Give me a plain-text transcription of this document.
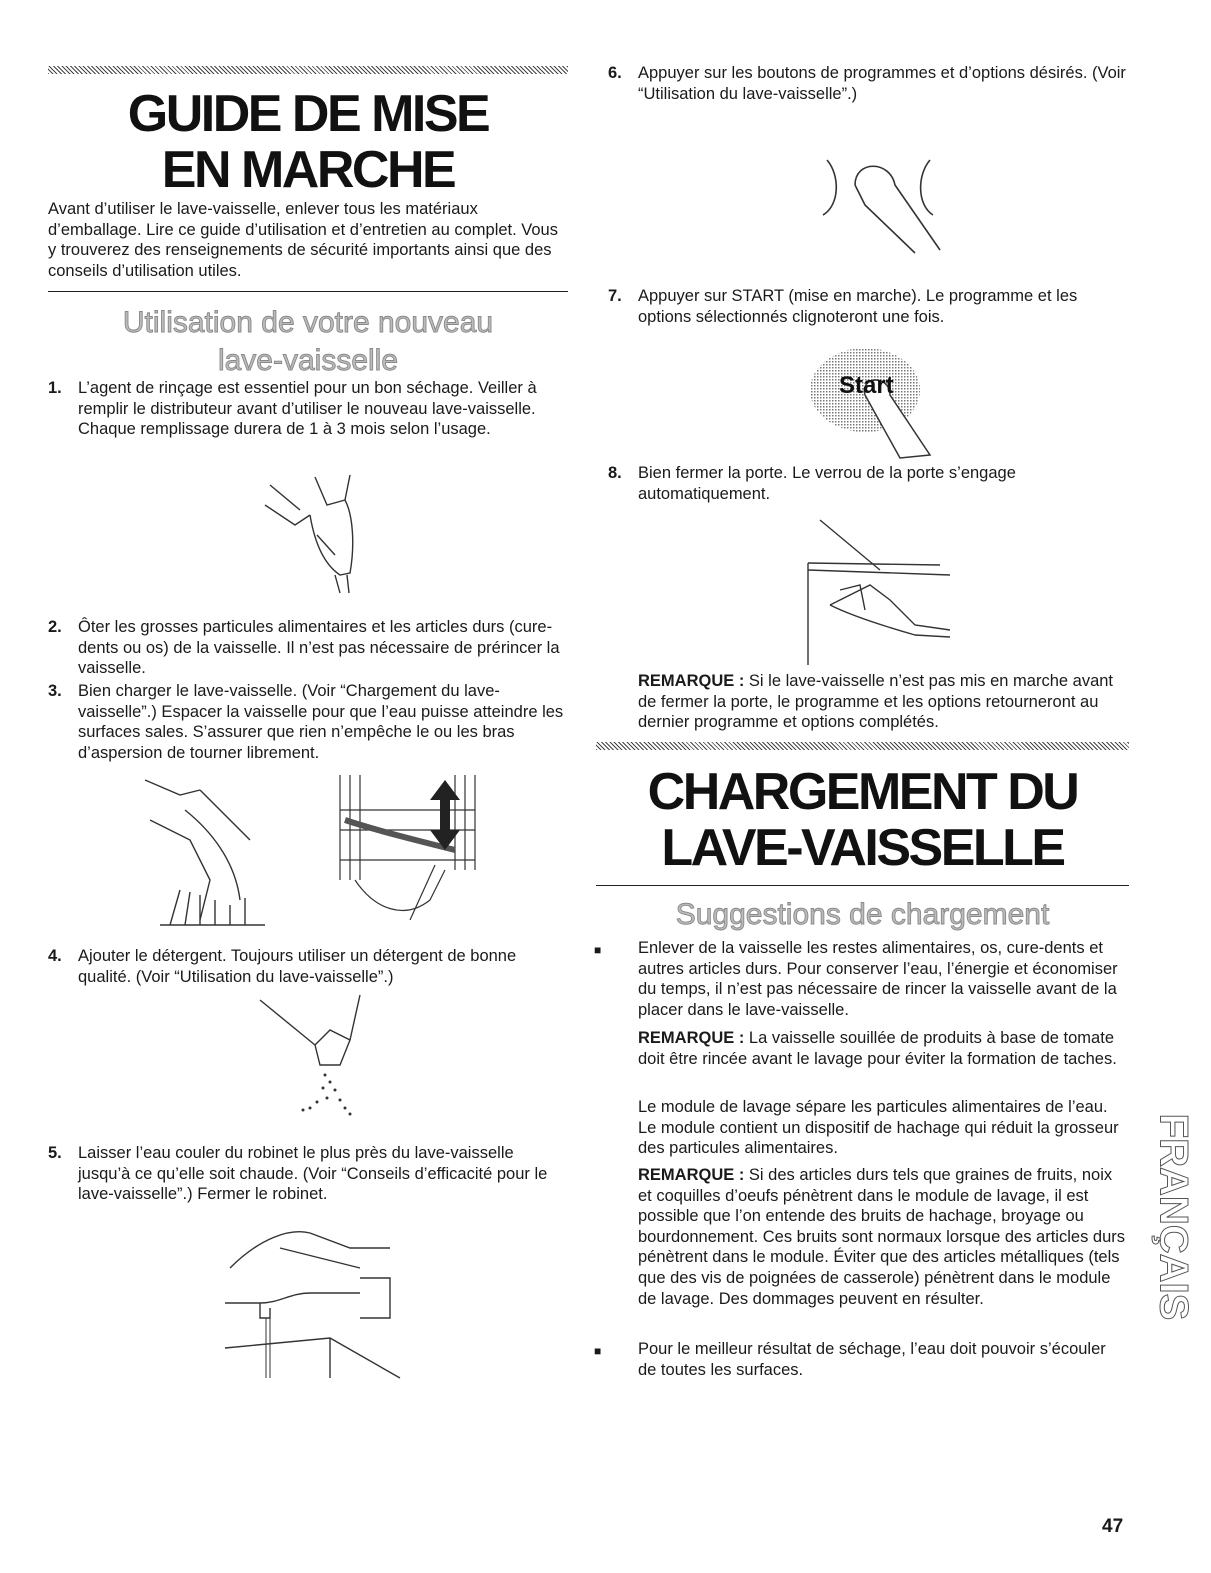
GUIDE DE MISE
EN MARCHE

Avant d’utiliser le lave-vaisselle, enlever tous les matériaux d’emballage. Lire ce guide d’utilisation et d’entretien au complet. Vous y trouverez des renseignements de sécurité importants ainsi que des conseils d’utilisation utiles.

Utilisation de votre nouveau
lave-vaisselle
1. L’agent de rinçage est essentiel pour un bon séchage. Veiller à remplir le distributeur avant d’utiliser le nouveau lave-vaisselle. Chaque remplissage durera de 1 à 3 mois selon l’usage.
2. Ôter les grosses particules alimentaires et les articles durs (cure-dents ou os) de la vaisselle. Il n’est pas nécessaire de prérincer la vaisselle.
3. Bien charger le lave-vaisselle. (Voir “Chargement du lave-vaisselle”.) Espacer la vaisselle pour que l’eau puisse atteindre les surfaces sales. S’assurer que rien n’empêche le ou les bras d’aspersion de tourner librement.
4. Ajouter le détergent. Toujours utiliser un détergent de bonne qualité. (Voir “Utilisation du lave-vaisselle”.)
5. Laisser l’eau couler du robinet le plus près du lave-vaisselle jusqu’à ce qu’elle soit chaude. (Voir “Conseils d’efficacité pour le lave-vaisselle”.) Fermer le robinet.
6. Appuyer sur les boutons de programmes et d’options désirés. (Voir “Utilisation du lave-vaisselle”.)
7. Appuyer sur START (mise en marche). Le programme et les options sélectionnés clignoteront une fois.
Start
8. Bien fermer la porte. Le verrou de la porte s’engage automatiquement.

REMARQUE : Si le lave-vaisselle n’est pas mis en marche avant de fermer la porte, le programme et les options retourneront au dernier programme et options complétés.

CHARGEMENT DU
LAVE-VAISSELLE
Suggestions de chargement
■ Enlever de la vaisselle les restes alimentaires, os, cure-dents et autres articles durs. Pour conserver l’eau, l’énergie et économiser du temps, il n’est pas nécessaire de rincer la vaisselle avant de la placer dans le lave-vaisselle.

REMARQUE : La vaisselle souillée de produits à base de tomate doit être rincée avant le lavage pour éviter la formation de taches.

Le module de lavage sépare les particules alimentaires de l’eau. Le module contient un dispositif de hachage qui réduit la grosseur des particules alimentaires.

REMARQUE : Si des articles durs tels que graines de fruits, noix et coquilles d’oeufs pénètrent dans le module de lavage, il est possible que l’on entende des bruits de hachage, broyage ou bourdonnement. Ces bruits sont normaux lorsque des articles durs pénètrent dans le module. Éviter que des articles métalliques (tels que des vis de poignées de casserole) pénètrent dans le module de lavage. Des dommages peuvent en résulter.

■ Pour le meilleur résultat de séchage, l’eau doit pouvoir s’écouler de toutes les surfaces.
FRANÇAIS
47
